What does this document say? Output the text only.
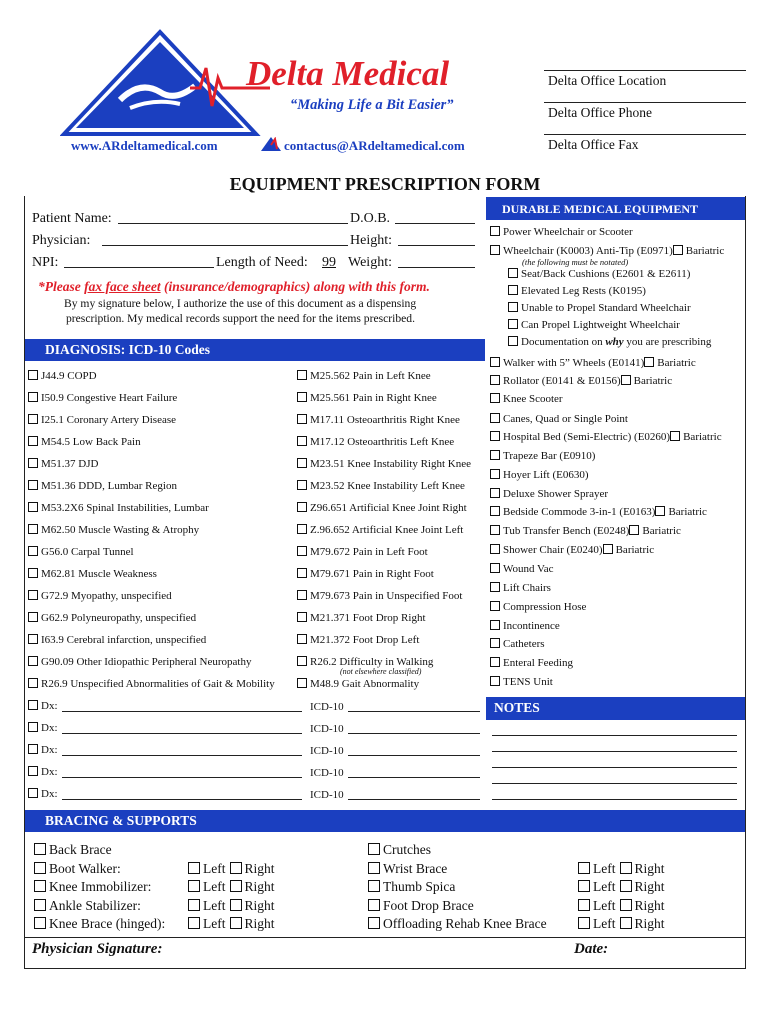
Delta Medical
“Making Life a Bit Easier”
www.ARdeltamedical.com	contactus@ARdeltamedical.com
Delta Office Location
Delta Office Phone
Delta Office Fax
EQUIPMENT PRESCRIPTION FORM
Patient Name:	D.O.B.
Physician:	Height:
NPI:	Length of Need: 99 Weight:
*Please fax face sheet (insurance/demographics) along with this form.
By my signature below, I authorize the use of this document as a dispensing
prescription. My medical records support the need for the items prescribed.
DIAGNOSIS: ICD-10 Codes
J44.9 COPD
I50.9 Congestive Heart Failure
I25.1 Coronary Artery Disease
M54.5 Low Back Pain
M51.37 DJD
M51.36 DDD, Lumbar Region
M53.2X6 Spinal Instabilities, Lumbar
M62.50 Muscle Wasting & Atrophy
G56.0 Carpal Tunnel
M62.81 Muscle Weakness
G72.9 Myopathy, unspecified
G62.9 Polyneuropathy, unspecified
I63.9 Cerebral infarction, unspecified
G90.09 Other Idiopathic Peripheral Neuropathy
R26.9 Unspecified Abnormalities of Gait & Mobility
M25.562 Pain in Left Knee
M25.561 Pain in Right Knee
M17.11 Osteoarthritis Right Knee
M17.12 Osteoarthritis Left Knee
M23.51 Knee Instability Right Knee
M23.52 Knee Instability Left Knee
Z96.651 Artificial Knee Joint Right
Z.96.652 Artificial Knee Joint Left
M79.672 Pain in Left Foot
M79.671 Pain in Right Foot
M79.673 Pain in Unspecified Foot
M21.371 Foot Drop Right
M21.372 Foot Drop Left
R26.2 Difficulty in Walking
M48.9 Gait Abnormality
(not elsewhere classified)
Dx:	ICD-10
Dx:	ICD-10
Dx:	ICD-10
Dx:	ICD-10
Dx:	ICD-10
DURABLE MEDICAL EQUIPMENT
Power Wheelchair or Scooter
Wheelchair (K0003) Anti-Tip (E0971) Bariatric
Walker with 5” Wheels (E0141) Bariatric
Rollator (E0141 & E0156) Bariatric
Knee Scooter
Canes, Quad or Single Point
Hospital Bed (Semi-Electric) (E0260) Bariatric
Trapeze Bar (E0910)
Hoyer Lift (E0630)
Deluxe Shower Sprayer
Bedside Commode 3-in-1 (E0163) Bariatric
Tub Transfer Bench (E0248) Bariatric
Shower Chair (E0240) Bariatric
Wound Vac
Lift Chairs
Compression Hose
Incontinence
Catheters
Enteral Feeding
TENS Unit
(the following must be notated)
Seat/Back Cushions (E2601 & E2611)
Elevated Leg Rests (K0195)
Unable to Propel Standard Wheelchair
Can Propel Lightweight Wheelchair
Documentation on why you are prescribing
NOTES
BRACING & SUPPORTS
Back Brace
Boot Walker:	Left Right
Knee Immobilizer:	Left Right
Ankle Stabilizer:	Left Right
Knee Brace (hinged):	Left Right
Crutches
Wrist Brace	Left Right
Thumb Spica	Left Right
Foot Drop Brace	Left Right
Offloading Rehab Knee Brace	Left Right
Physician Signature:	Date:
